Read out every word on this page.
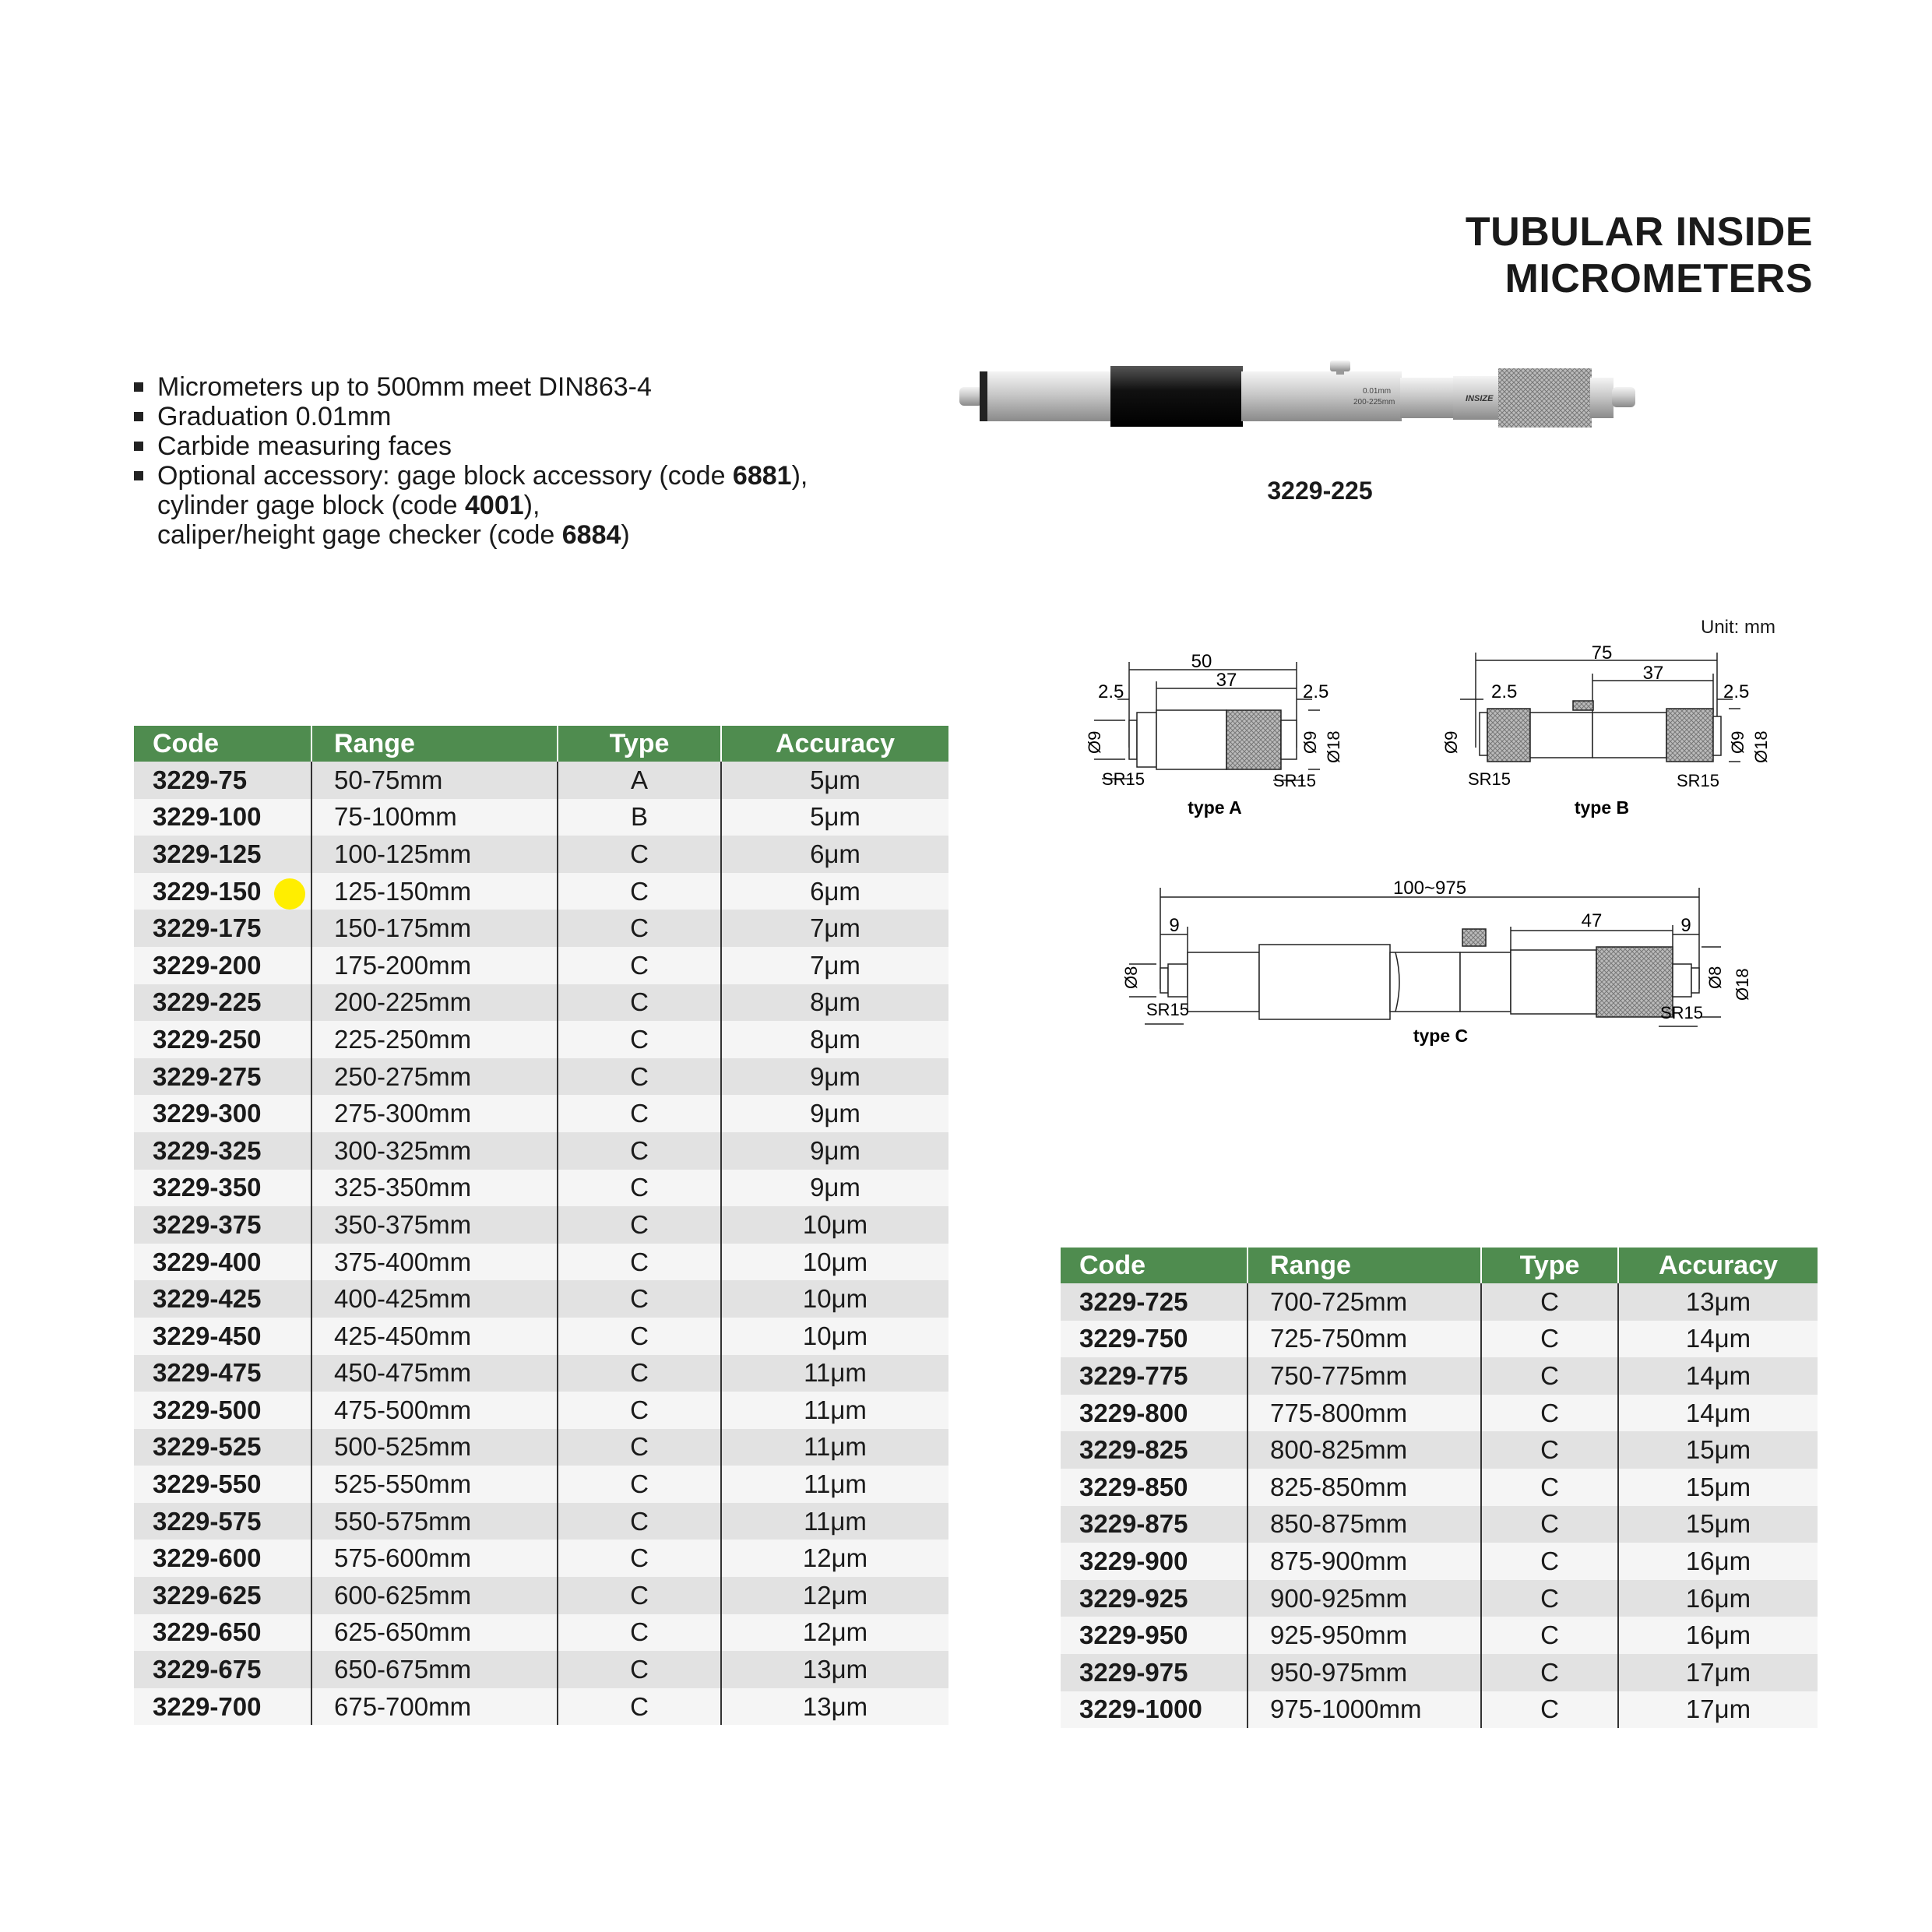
TUBULAR INSIDE MICROMETERS
Micrometers up to 500mm meet DIN863-4
Graduation 0.01mm
Carbide measuring faces
Optional accessory: gage block accessory (code 6881),
cylinder gage block (code 4001),
caliper/height gage checker (code 6884)
0.01mm
200-225mm	INSIZE
3229-225
Unit: mm
50
37
2.5	2.5
Ø9	Ø9 Ø18
SR15	SR15
type A
75
37
2.5	2.5
Ø9	Ø9 Ø18
SR15	SR15
type B
100~975
9	47	9
Ø8	Ø8 Ø18
SR15	SR15
type C
Code	Range	Type	Accuracy
3229-75	50-75mm	A	5μm
3229-100	75-100mm	B	5μm
3229-125	100-125mm	C	6μm
3229-150	125-150mm	C	6μm
3229-175	150-175mm	C	7μm
3229-200	175-200mm	C	7μm
3229-225	200-225mm	C	8μm
3229-250	225-250mm	C	8μm
3229-275	250-275mm	C	9μm
3229-300	275-300mm	C	9μm
3229-325	300-325mm	C	9μm
3229-350	325-350mm	C	9μm
3229-375	350-375mm	C	10μm
3229-400	375-400mm	C	10μm
3229-425	400-425mm	C	10μm
3229-450	425-450mm	C	10μm
3229-475	450-475mm	C	11μm
3229-500	475-500mm	C	11μm
3229-525	500-525mm	C	11μm
3229-550	525-550mm	C	11μm
3229-575	550-575mm	C	11μm
3229-600	575-600mm	C	12μm
3229-625	600-625mm	C	12μm
3229-650	625-650mm	C	12μm
3229-675	650-675mm	C	13μm
3229-700	675-700mm	C	13μm
Code	Range	Type	Accuracy
3229-725	700-725mm	C	13μm
3229-750	725-750mm	C	14μm
3229-775	750-775mm	C	14μm
3229-800	775-800mm	C	14μm
3229-825	800-825mm	C	15μm
3229-850	825-850mm	C	15μm
3229-875	850-875mm	C	15μm
3229-900	875-900mm	C	16μm
3229-925	900-925mm	C	16μm
3229-950	925-950mm	C	16μm
3229-975	950-975mm	C	17μm
3229-1000	975-1000mm	C	17μm
